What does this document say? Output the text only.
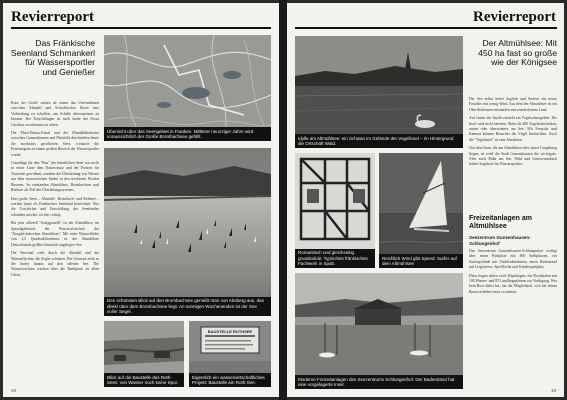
Revierreport
Das Fränkische Seenland Schmankerl für Wassersportler und Genießer
Übersicht über das Seengebiet in Franken. Mittlerer neunziger Jahre wird voraussichtlich der Große Brombachsee gefüllt.

Kurz der Große starten ab einem das Unternehmen zwischen Altmühl und Schwäbischer Rezat eine Verbindung zu schaffen, um Schiffe überzusetzen zu können. Bei Treuchtlingen ist noch heute der Fossa Carolina zu erkennen zu sehen.

Der Main-Donau-Kanal und der Altmühlüberleiter zwischen Gunzenhausen und Pleinfeld durchziehen heute die nordwärts gerichteten Seen, wodurch die Ferienregion zu einem großen Bereich der Wassersportler wurde.

Grundlage für den "Bau" der künstlichen Seen war nicht in erster Linie dem Naturschutz und der Freizeit für Touristen gewidmet, sondern der Überleitung von Wasser aus dem wasserreichen Süden in den trockenen Norden Bayerns. So entstanden Altmühlsee, Brombachsee und Rothsee als Teil des Überleitungssystems.

Drei große Seen – Altmühl-, Brombach- und Rothsee – werden heute als Fränkisches Seenland bezeichnet. Wer die Geschichte und Entwicklung des Seenlandes erkunden möchte, ist hier richtig.

Bis jetzt offiziell "fertiggestellt" ist der Altmühlsee, im Sprachgebrauch der Wasserwirtschaft der "Ausgleichsbecken Altmühlsee". Mit einer Wasserfläche von 4,5 Quadratkilometern ist der Altmühlsee Deutschlands größter künstlich angelegter See.

Der Seewind weht durch die Altmühl und die Wiesenflächen, die Segler schätzen. Bei Ostwind zieht es die Surfer hinaus auf den offenen See. Die Wasserwachten wachen über die Badegäste an allen Ufern.

Den schönsten Blick auf den Brombachsee genießt man von Absberg aus, das direkt über dem Brombachsee liegt. An sonnigen Wochenenden ist der See voller Segel.
Blick auf die Baustelle des Roth-Sees: von Wasser noch keine Spur.
BAUSTELLE ROTHSEE
Eigentlich ein wasserwirtschaftliches Projekt: Baustelle am Roth-See.
18
Revierreport
Idylle am Altmühlsee: ein Schwan im Gelände der Vogelinsel – im Hintergrund die Ortschaft Wald.
Der Altmühlsee: Mit 450 ha fast so große wie der Königsee

Der See selbst bietet Seglern und Surfern ein neues Paradies mit wenig Wind. Aus dem der Altmühlsee ist ein Oberflächensee entstanden mit wunderbarem Land.

Auf einem der Inseln entsteht ein Vogelschutzgebiet. Die Insel wird nicht betreten. Mehr als 200 Vogelarten brüten, rasten oder überwintern am See. Mit Fernrohr und Kamera können Besucher die Vögel beobachten. Auch die "Vogelinsel" ist eine Attraktion.

Von den Orten, die am Altmühlsee oder seiner Umgebung liegen, ist wohl die Stadt Gunzenhausen die wichtigste. Aber auch Muhr am See, Wald und Unterwurmbach haben Angebote für Wassersportler.

Romantisch und gleichzeitig grundsolide: Typisches fränkisches Fachwerk in Spalt.
Reichlich Wind gibt Speed: Surfer auf dem Altmühlsee
Freizeitanlagen am Altmühlsee
Seezentrum Gunzenhausen-Schlungenhof

Das Seezentrum Gunzenhausen-Schlungenhof verfügt über einen Parkplatz mit 800 Stellplätzen, ein Surfergelände mit Umkleidekabinen, einen Badestrand mit Liegewiese, Spielfläche und Kinderspielplatz.

Dazu liegen neben zwei Slipanlagen, ein Bootshafen mit 100 Wasser- und 85 Landliegeplätzen zur Verfügung. Wer kein Boot dabei hat, hat die Möglichkeit, sich bei einem Bootsverleiher eines zu mieten.

Moderne Freizeitanlagen des Seezentrums Schlungenhof. Der Badestrand hat eine vorgelagerte Insel.
19
